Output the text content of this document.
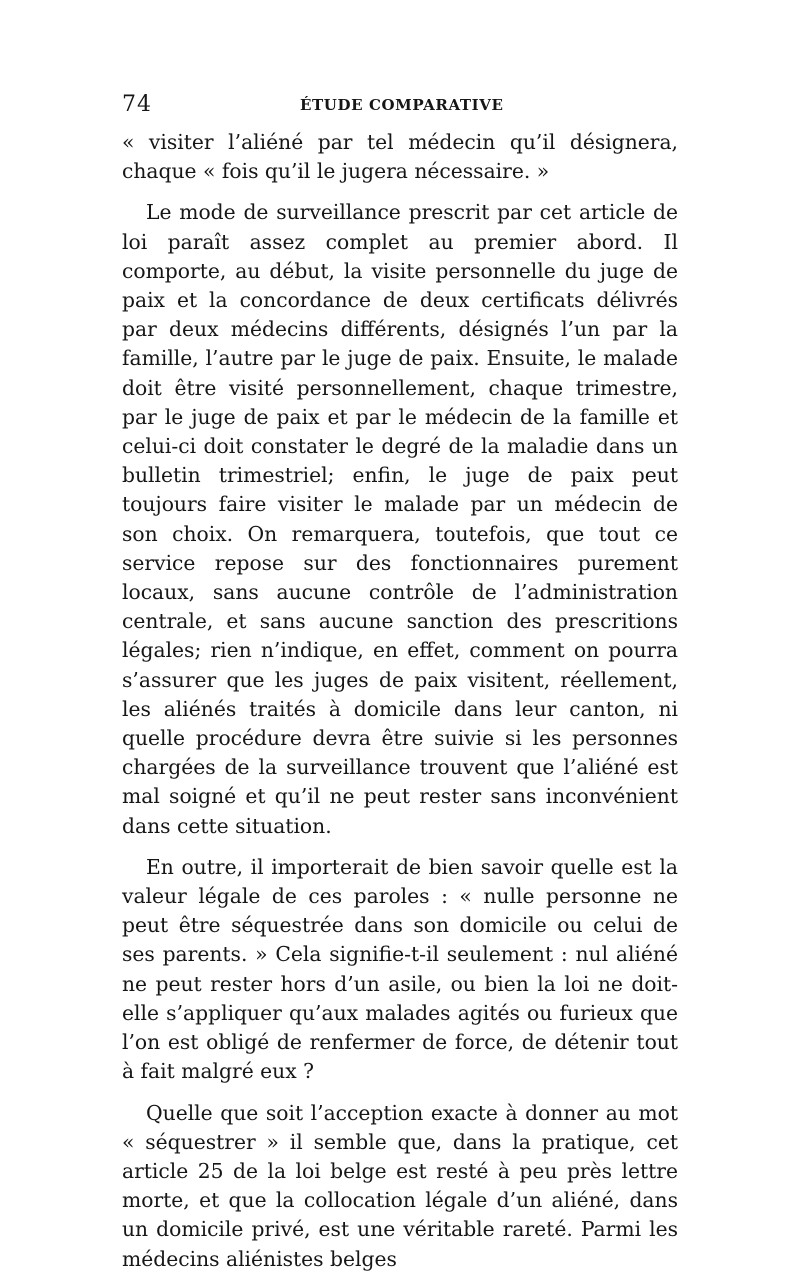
74	ÉTUDE COMPARATIVE

« visiter l’aliéné par tel médecin qu’il désignera, chaque « fois qu’il le jugera nécessaire. »

Le mode de surveillance prescrit par cet article de loi paraît assez complet au premier abord. Il comporte, au début, la visite personnelle du juge de paix et la concordance de deux certificats délivrés par deux médecins différents, désignés l’un par la famille, l’autre par le juge de paix. Ensuite, le malade doit être visité personnellement, chaque trimestre, par le juge de paix et par le médecin de la famille et celui-ci doit constater le degré de la maladie dans un bulletin trimestriel; enfin, le juge de paix peut toujours faire visiter le malade par un médecin de son choix. On remarquera, toutefois, que tout ce service repose sur des fonctionnaires purement locaux, sans aucune contrôle de l’administration centrale, et sans aucune sanction des prescritions légales; rien n’indique, en effet, comment on pourra s’assurer que les juges de paix visitent, réellement, les aliénés traités à domicile dans leur canton, ni quelle procédure devra être suivie si les personnes chargées de la surveillance trouvent que l’aliéné est mal soigné et qu’il ne peut rester sans inconvénient dans cette situation.

En outre, il importerait de bien savoir quelle est la valeur légale de ces paroles : « nulle personne ne peut être séquestrée dans son domicile ou celui de ses parents. » Cela signifie-t-il seulement : nul aliéné ne peut rester hors d’un asile, ou bien la loi ne doit-elle s’appliquer qu’aux malades agités ou furieux que l’on est obligé de renfermer de force, de détenir tout à fait malgré eux ?

Quelle que soit l’acception exacte à donner au mot « séquestrer » il semble que, dans la pratique, cet article 25 de la loi belge est resté à peu près lettre morte, et que la collocation légale d’un aliéné, dans un domicile privé, est une véritable rareté. Parmi les médecins aliénistes belges
